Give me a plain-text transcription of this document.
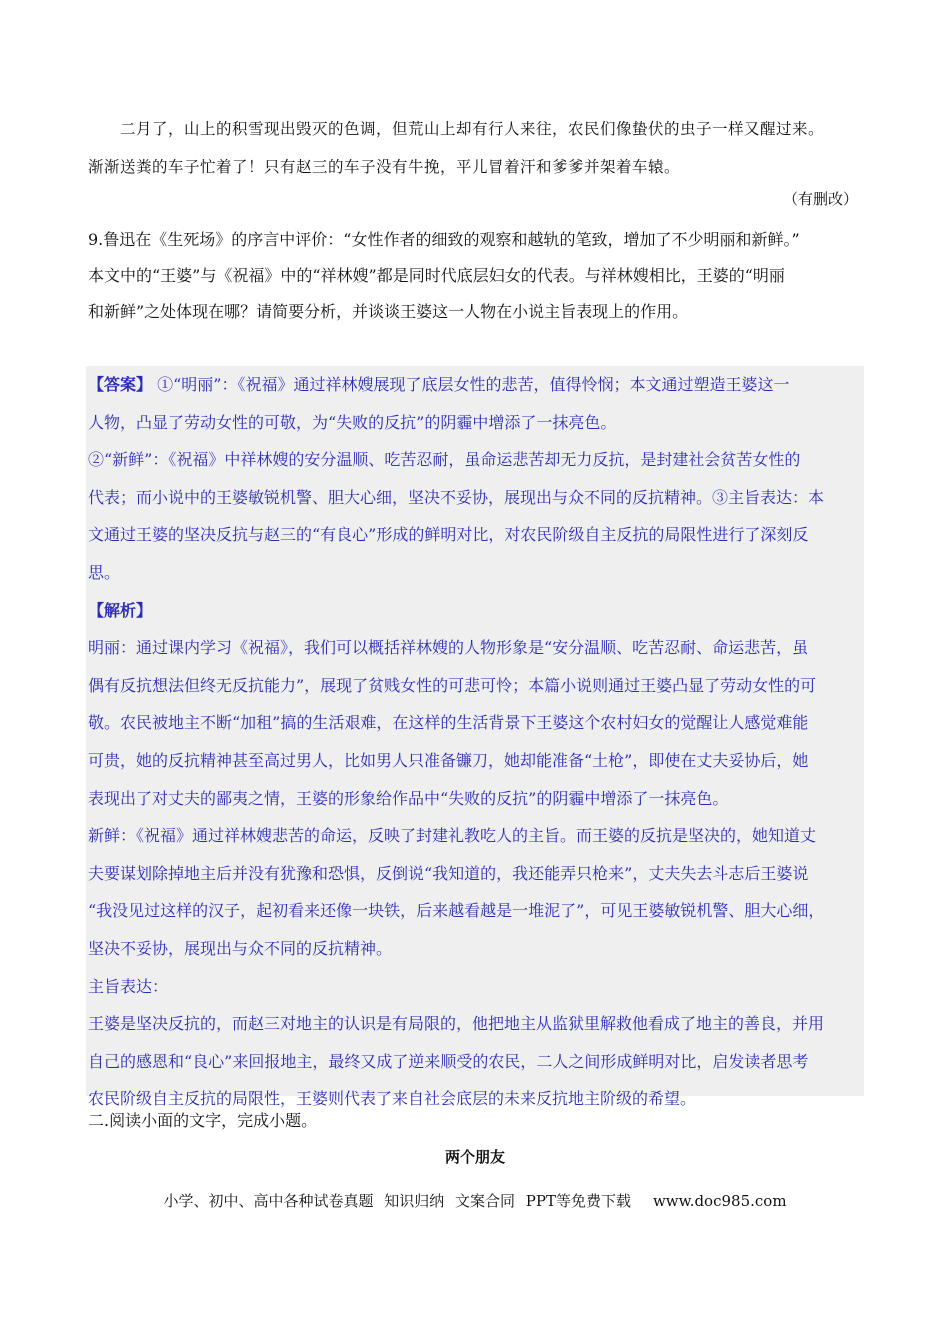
二月了，山上的积雪现出毁灭的色调，但荒山上却有行人来往，农民们像蛰伏的虫子一样又醒过来。
渐渐送粪的车子忙着了！只有赵三的车子没有牛挽，平儿冒着汗和爹爹并架着车辕。
（有删改）
9.鲁迅在《生死场》的序言中评价：“女性作者的细致的观察和越轨的笔致，增加了不少明丽和新鲜。”
本文中的“王婆”与《祝福》中的“祥林嫂”都是同时代底层妇女的代表。与祥林嫂相比，王婆的“明丽
和新鲜”之处体现在哪？请简要分析，并谈谈王婆这一人物在小说主旨表现上的作用。

【答案】 ①“明丽”：《祝福》通过祥林嫂展现了底层女性的悲苦，值得怜悯；本文通过塑造王婆这一

人物，凸显了劳动女性的可敬，为“失败的反抗”的阴霾中增添了一抹亮色。

②“新鲜”：《祝福》中祥林嫂的安分温顺、吃苦忍耐，虽命运悲苦却无力反抗，是封建社会贫苦女性的

代表；而小说中的王婆敏锐机警、胆大心细，坚决不妥协，展现出与众不同的反抗精神。③主旨表达：本

文通过王婆的坚决反抗与赵三的“有良心”形成的鲜明对比，对农民阶级自主反抗的局限性进行了深刻反

思。

【解析】

明丽：通过课内学习《祝福》，我们可以概括祥林嫂的人物形象是“安分温顺、吃苦忍耐、命运悲苦，虽

偶有反抗想法但终无反抗能力”，展现了贫贱女性的可悲可怜；本篇小说则通过王婆凸显了劳动女性的可

敬。农民被地主不断“加租”搞的生活艰难，在这样的生活背景下王婆这个农村妇女的觉醒让人感觉难能

可贵，她的反抗精神甚至高过男人，比如男人只准备镰刀，她却能准备“土枪”，即使在丈夫妥协后，她

表现出了对丈夫的鄙夷之情，王婆的形象给作品中“失败的反抗”的阴霾中增添了一抹亮色。

新鲜：《祝福》通过祥林嫂悲苦的命运，反映了封建礼教吃人的主旨。而王婆的反抗是坚决的，她知道丈

夫要谋划除掉地主后并没有犹豫和恐惧，反倒说“我知道的，我还能弄只枪来”，丈夫失去斗志后王婆说

“我没见过这样的汉子，起初看来还像一块铁，后来越看越是一堆泥了”，可见王婆敏锐机警、胆大心细，

坚决不妥协，展现出与众不同的反抗精神。

主旨表达：

王婆是坚决反抗的，而赵三对地主的认识是有局限的，他把地主从监狱里解救他看成了地主的善良，并用

自己的感恩和“良心”来回报地主，最终又成了逆来顺受的农民，二人之间形成鲜明对比，启发读者思考

农民阶级自主反抗的局限性，王婆则代表了来自社会底层的未来反抗地主阶级的希望。

二.阅读小面的文字，完成小题。
两个朋友
小学、初中、高中各种试卷真题 知识归纳 文案合同 PPT等免费下载 www.doc985.com
